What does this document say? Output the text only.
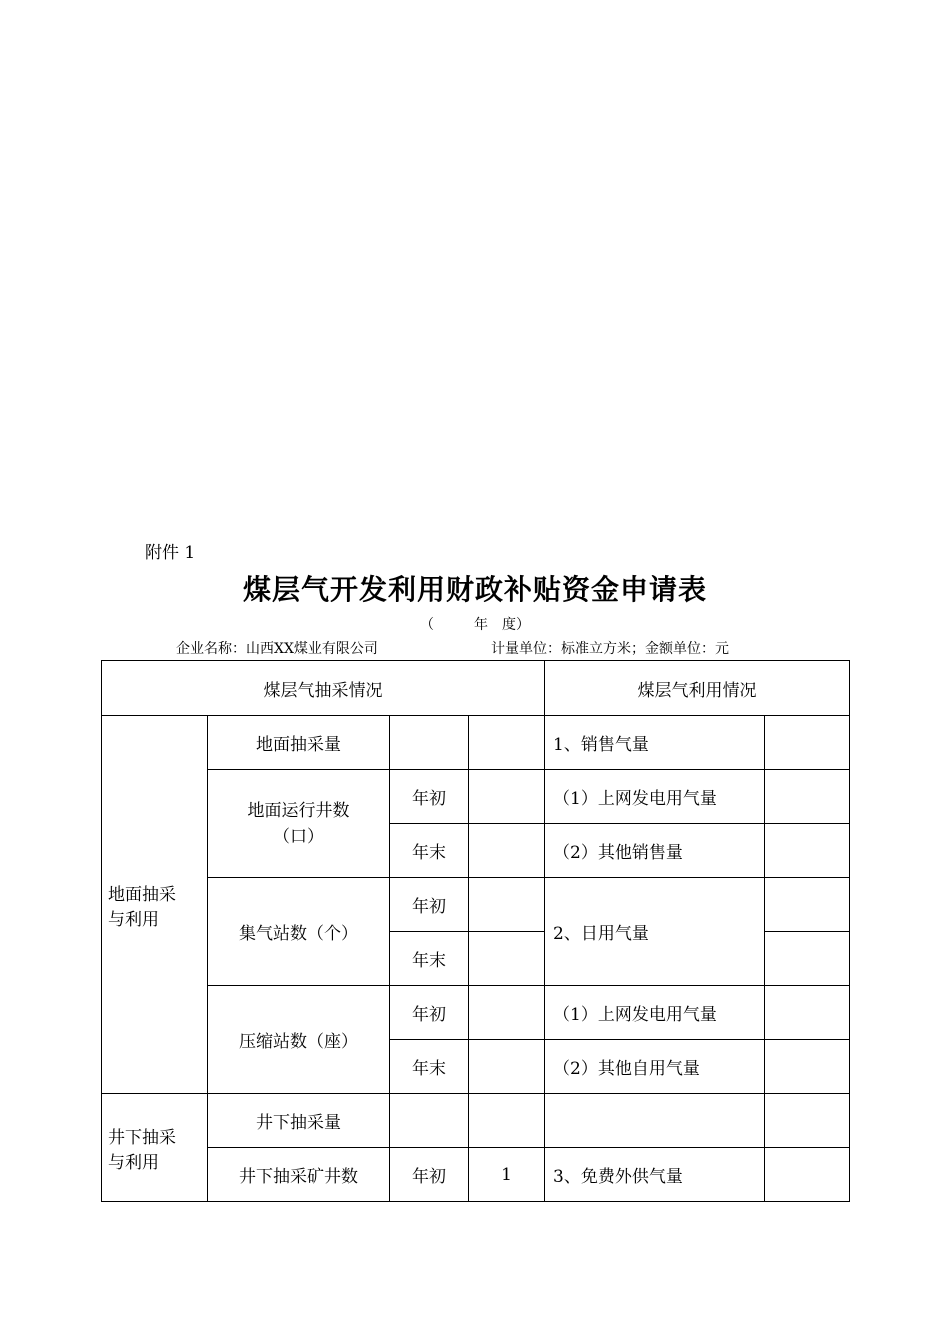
附件 1
煤层气开发利用财政补贴资金申请表
（	年 度）
企业名称：山西XX煤业有限公司	计量单位：标准立方米；金额单位：元
煤层气抽采情况				煤层气利用情况	

地面抽采与利用	地面抽采量			1、销售气量	

	地面运行井数（口）	年初		（1）上网发电用气量	
		年末		（2）其他销售量	
	集气站数（个）	年初		2、日用气量	
		年末			
	压缩站数（座）	年初		（1）上网发电用气量	
		年末		（2）其他自用气量	

井下抽采与利用	井下抽采量				
	井下抽采矿井数	年初	1	3、免费外供气量	
